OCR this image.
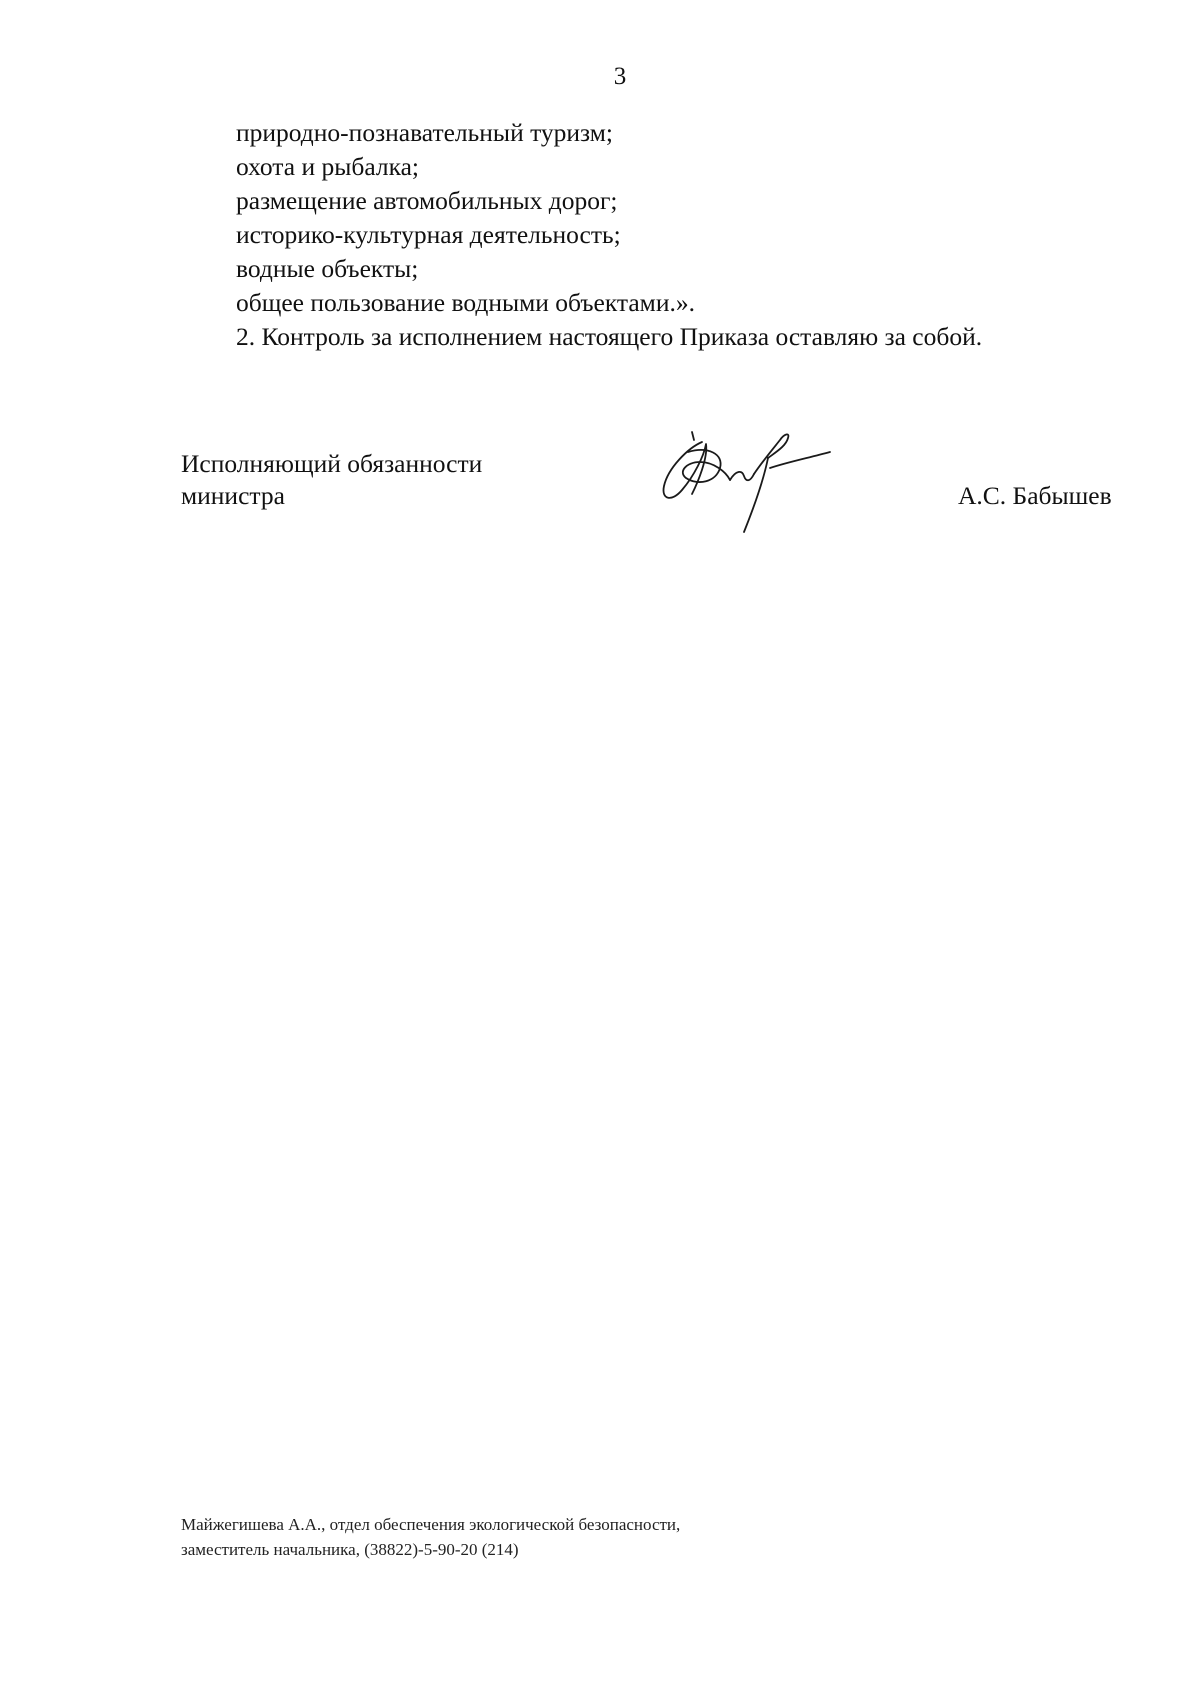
3
природно-познавательный туризм;
охота и рыбалка;
размещение автомобильных дорог;
историко-культурная деятельность;
водные объекты;
общее пользование водными объектами.».
2. Контроль за исполнением настоящего Приказа оставляю за собой.
Исполняющий обязанности
министра	А.С. Бабышев
Майжегишева А.А., отдел обеспечения экологической безопасности,
заместитель начальника, (38822)-5-90-20 (214)
